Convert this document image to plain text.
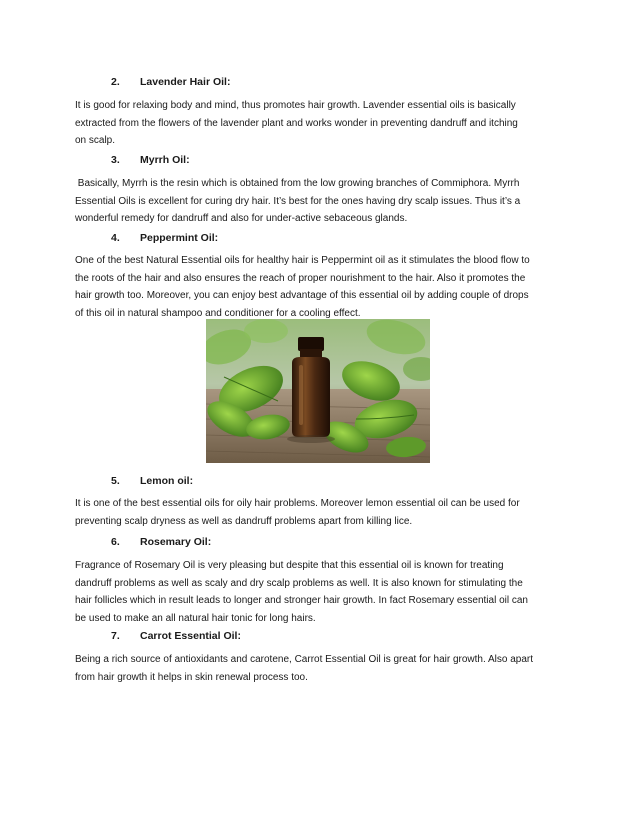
2. Lavender Hair Oil:
It is good for relaxing body and mind, thus promotes hair growth. Lavender essential oils is basically
extracted from the flowers of the lavender plant and works wonder in preventing dandruff and itching
on scalp.
3. Myrrh Oil:
Basically, Myrrh is the resin which is obtained from the low growing branches of Commiphora. Myrrh
Essential Oils is excellent for curing dry hair. It’s best for the ones having dry scalp issues. Thus it’s a
wonderful remedy for dandruff and also for under-active sebaceous glands.
4. Peppermint Oil:
One of the best Natural Essential oils for healthy hair is Peppermint oil as it stimulates the blood flow to
the roots of the hair and also ensures the reach of proper nourishment to the hair. Also it promotes the
hair growth too. Moreover, you can enjoy best advantage of this essential oil by adding couple of drops
of this oil in natural shampoo and conditioner for a cooling effect.
5. Lemon oil:
It is one of the best essential oils for oily hair problems. Moreover lemon essential oil can be used for
preventing scalp dryness as well as dandruff problems apart from killing lice.
6. Rosemary Oil:
Fragrance of Rosemary Oil is very pleasing but despite that this essential oil is known for treating
dandruff problems as well as scaly and dry scalp problems as well. It is also known for stimulating the
hair follicles which in result leads to longer and stronger hair growth. In fact Rosemary essential oil can
be used to make an all natural hair tonic for long hairs.
7. Carrot Essential Oil:
Being a rich source of antioxidants and carotene, Carrot Essential Oil is great for hair growth. Also apart
from hair growth it helps in skin renewal process too.
